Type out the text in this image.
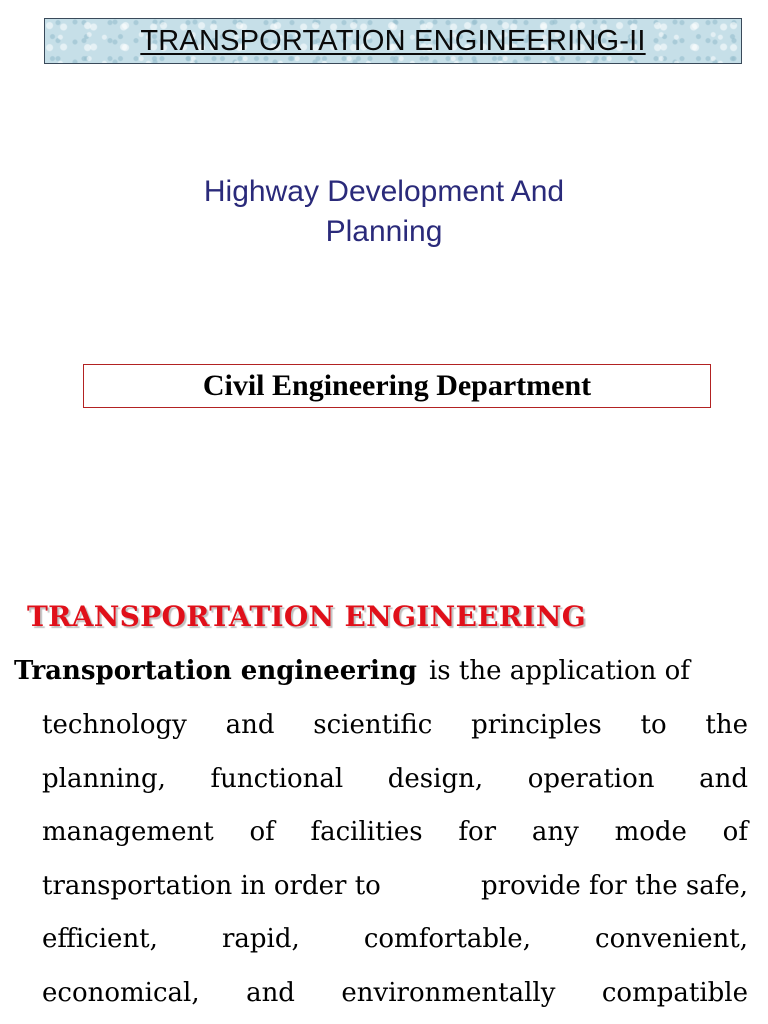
TRANSPORTATION ENGINEERING-II
Highway Development And
Planning
Civil Engineering Department
TRANSPORTATION ENGINEERING
Transportation engineering is the application of
technology and scientific principles to the
planning, functional design, operation and
management of facilities for any mode of
transportation in order to	provide for the safe,
efficient, rapid, comfortable, convenient,
economical, and environmentally compatible
